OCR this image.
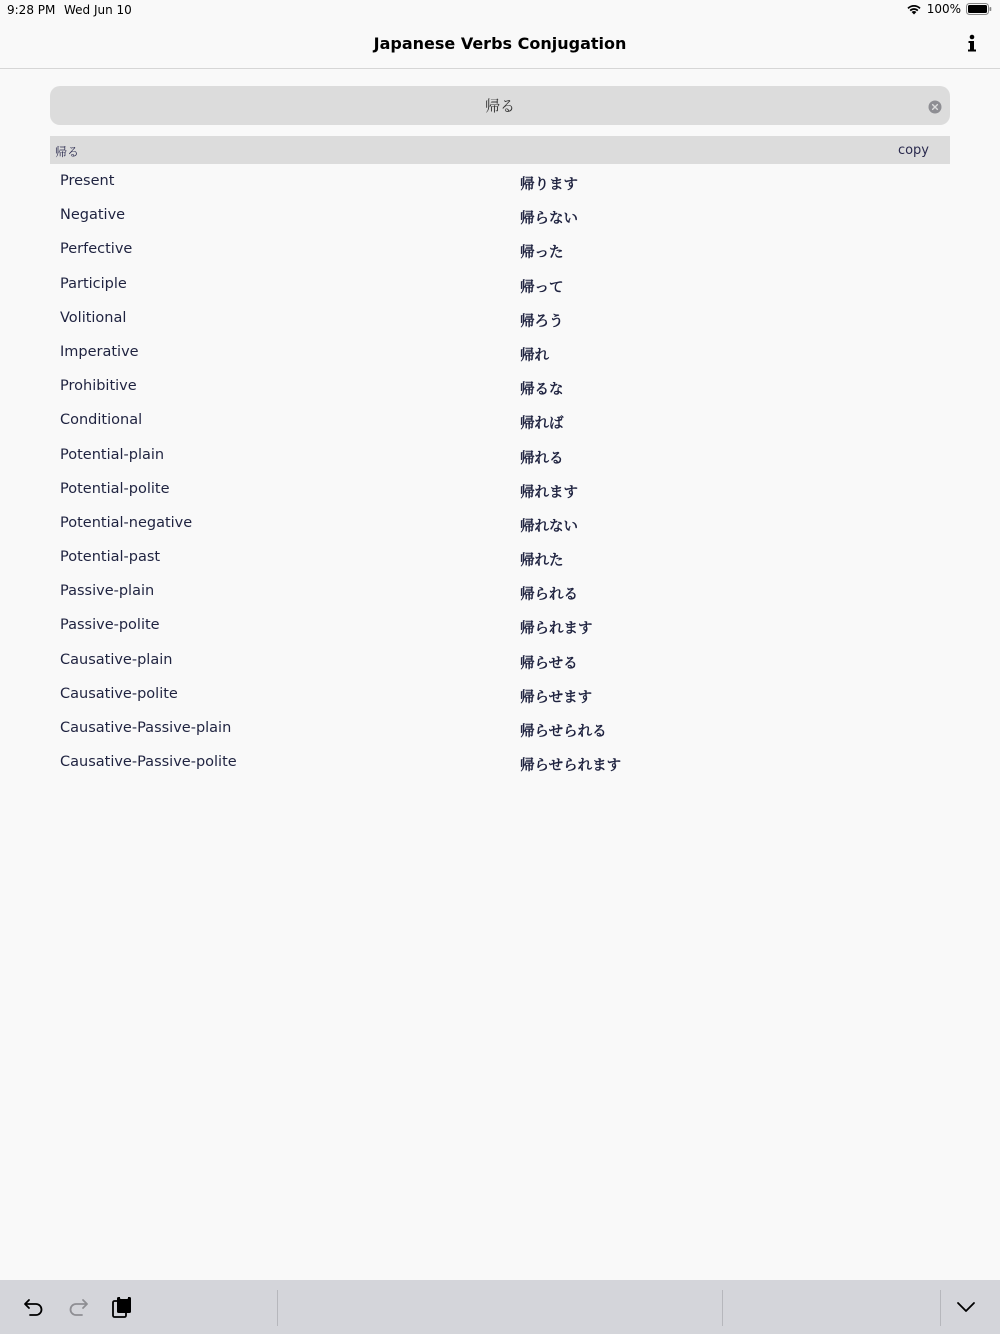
9:28 PM Wed Jun 10	100%
Japanese Verbs Conjugation
帰る
帰る	copy
Present	帰ります
Negative	帰らない
Perfective	帰った
Participle	帰って
Volitional	帰ろう
Imperative	帰れ
Prohibitive	帰るな
Conditional	帰れば
Potential-plain	帰れる
Potential-polite	帰れます
Potential-negative	帰れない
Potential-past	帰れた
Passive-plain	帰られる
Passive-polite	帰られます
Causative-plain	帰らせる
Causative-polite	帰らせます
Causative-Passive-plain	帰らせられる
Causative-Passive-polite	帰らせられます
